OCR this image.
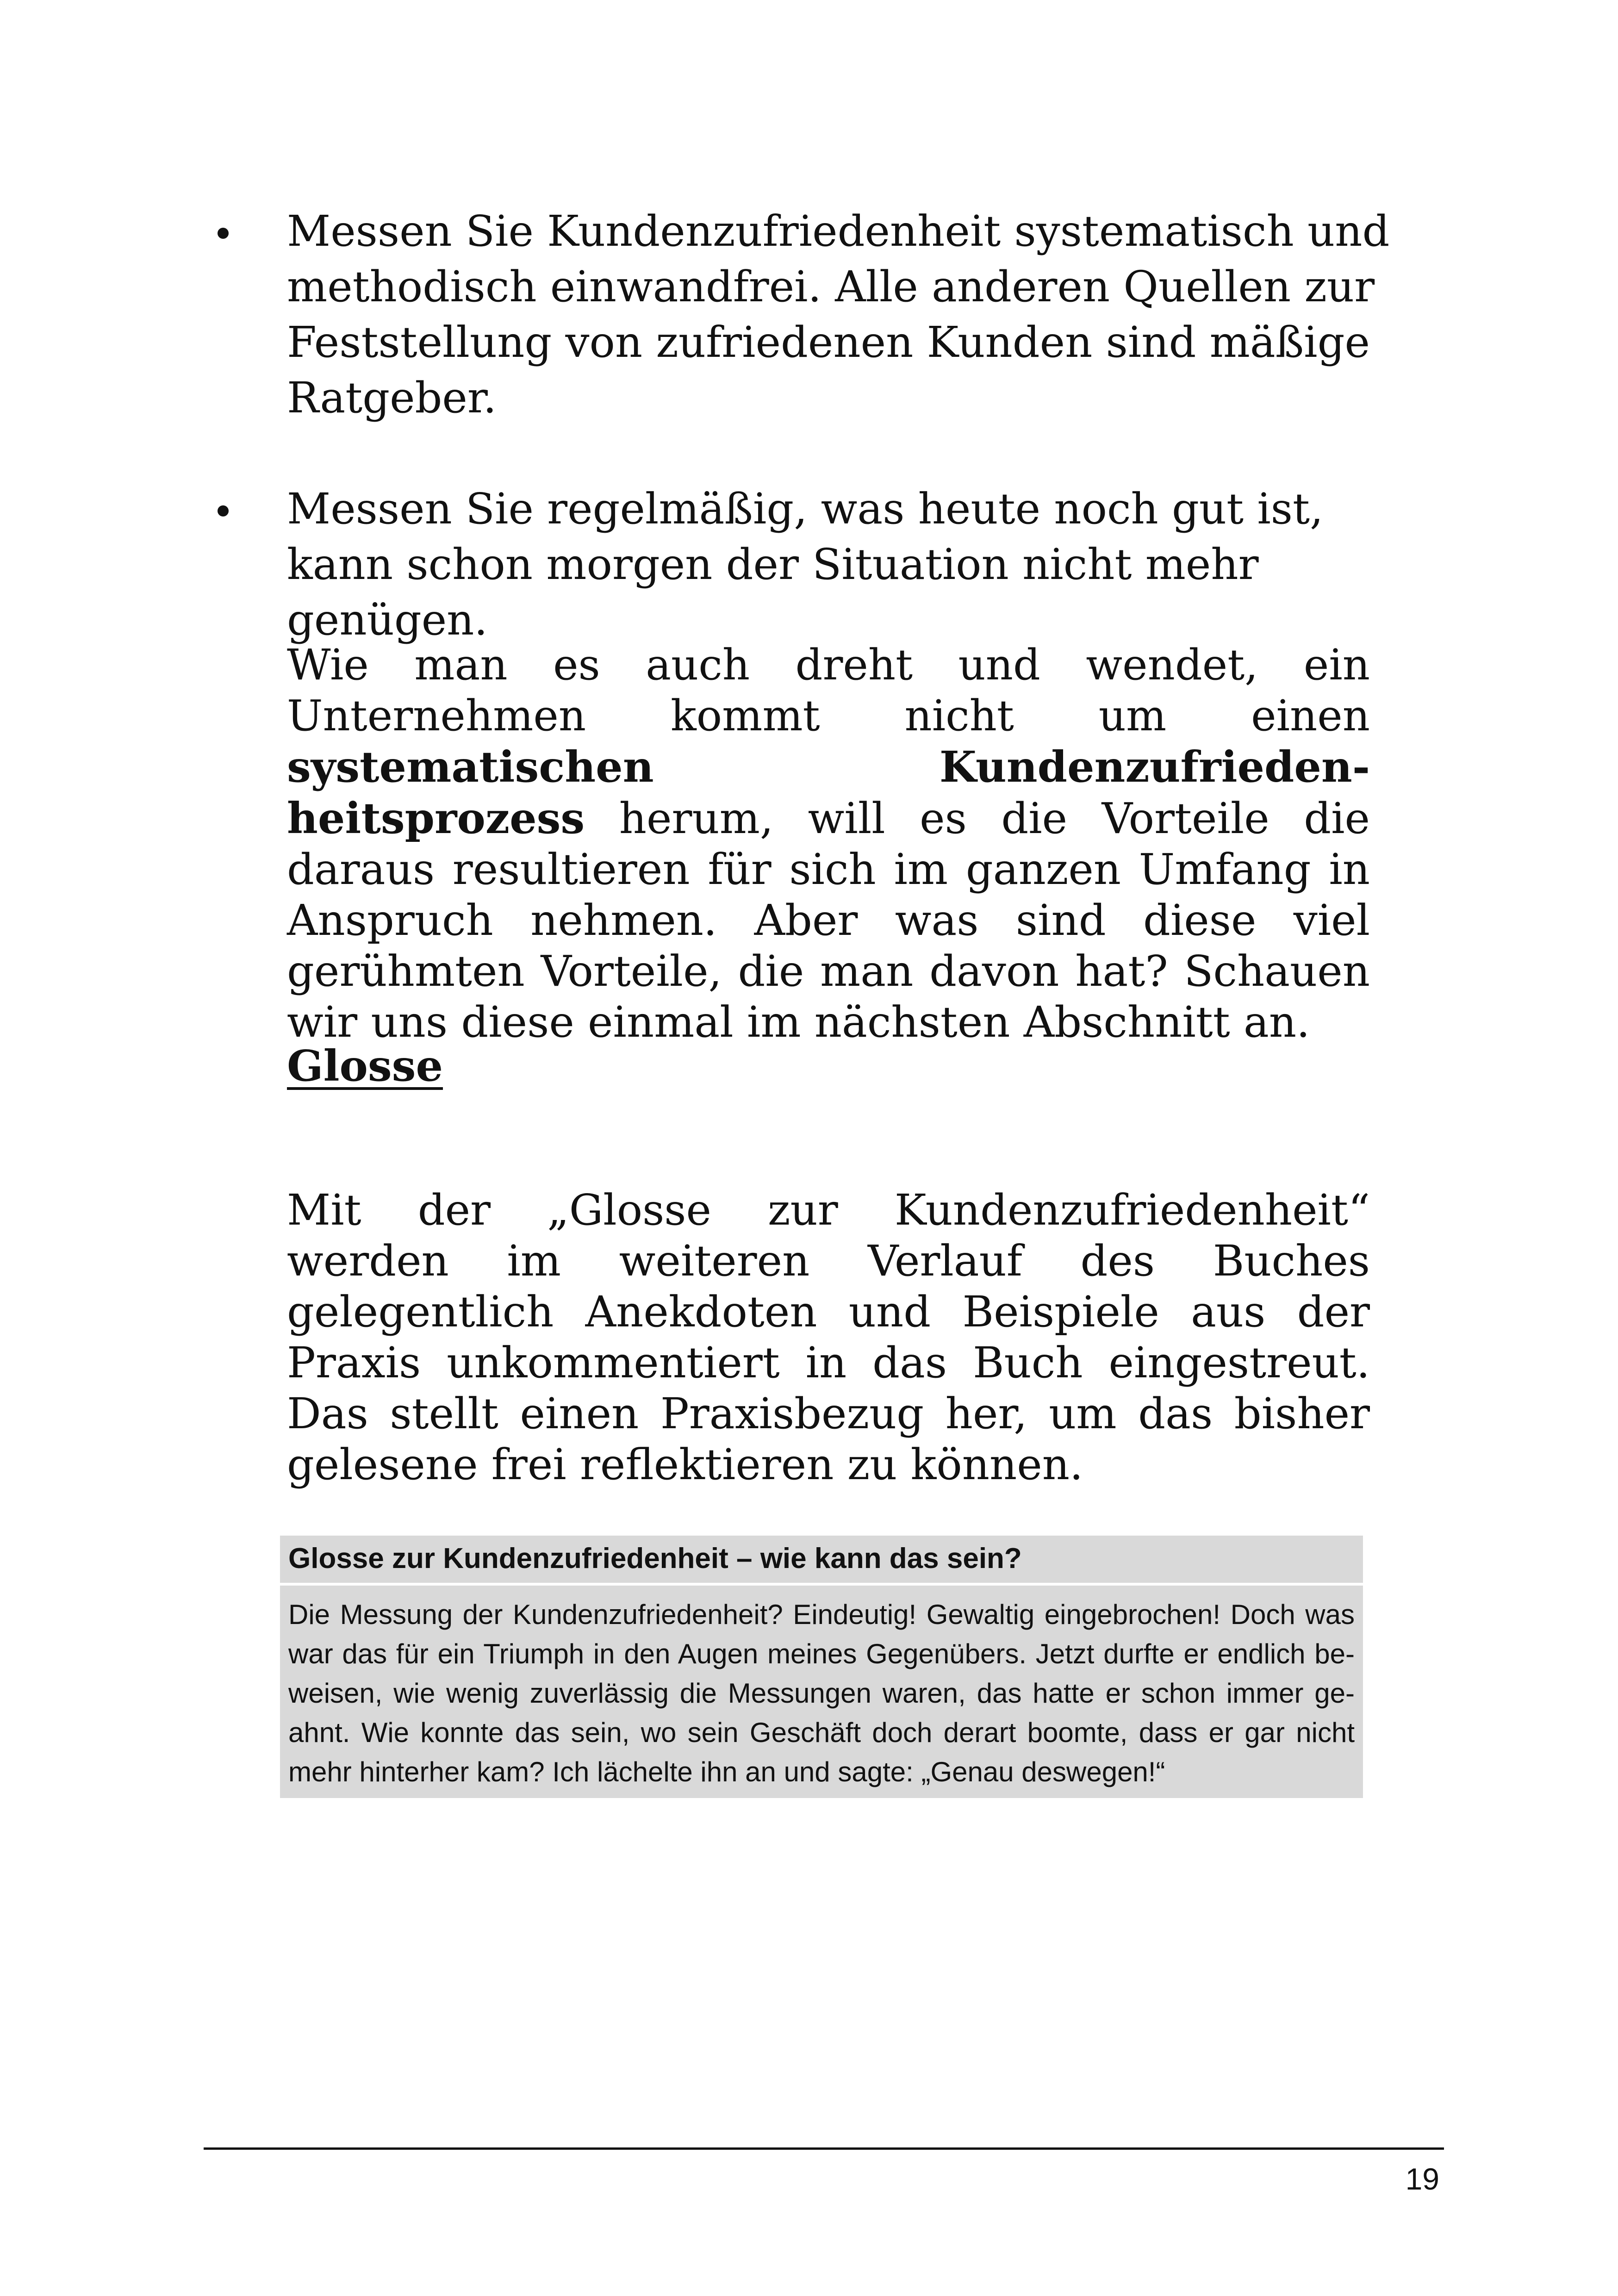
Messen Sie Kundenzufriedenheit systematisch und methodisch einwandfrei. Alle anderen Quellen zur Feststellung von zufriedenen Kunden sind mäßige Ratgeber.
Messen Sie regelmäßig, was heute noch gut ist, kann schon morgen der Situation nicht mehr genügen.

Wie man es auch dreht und wendet, ein Unternehmen kommt nicht um einen systematischen Kundenzufriedenheitsprozess herum, will es die Vorteile die daraus resultieren für sich im ganzen Umfang in Anspruch nehmen. Aber was sind diese viel gerühmten Vorteile, die man davon hat? Schauen wir uns diese einmal im nächsten Abschnitt an.

Glosse

Mit der „Glosse zur Kundenzufriedenheit“ werden im weiteren Verlauf des Buches gelegentlich Anekdoten und Beispiele aus der Praxis unkommentiert in das Buch eingestreut. Das stellt einen Praxisbezug her, um das bisher gelesene frei reflektieren zu können.

Glosse zur Kundenzufriedenheit – wie kann das sein?
Die Messung der Kundenzufriedenheit? Eindeutig! Gewaltig eingebrochen! Doch was war das für ein Triumph in den Augen meines Gegenübers. Jetzt durfte er endlich beweisen, wie wenig zuverlässig die Messungen waren, das hatte er schon immer geahnt. Wie konnte das sein, wo sein Geschäft doch derart boomte, dass er gar nicht mehr hinterher kam? Ich lächelte ihn an und sagte: „Genau deswegen!“
19
